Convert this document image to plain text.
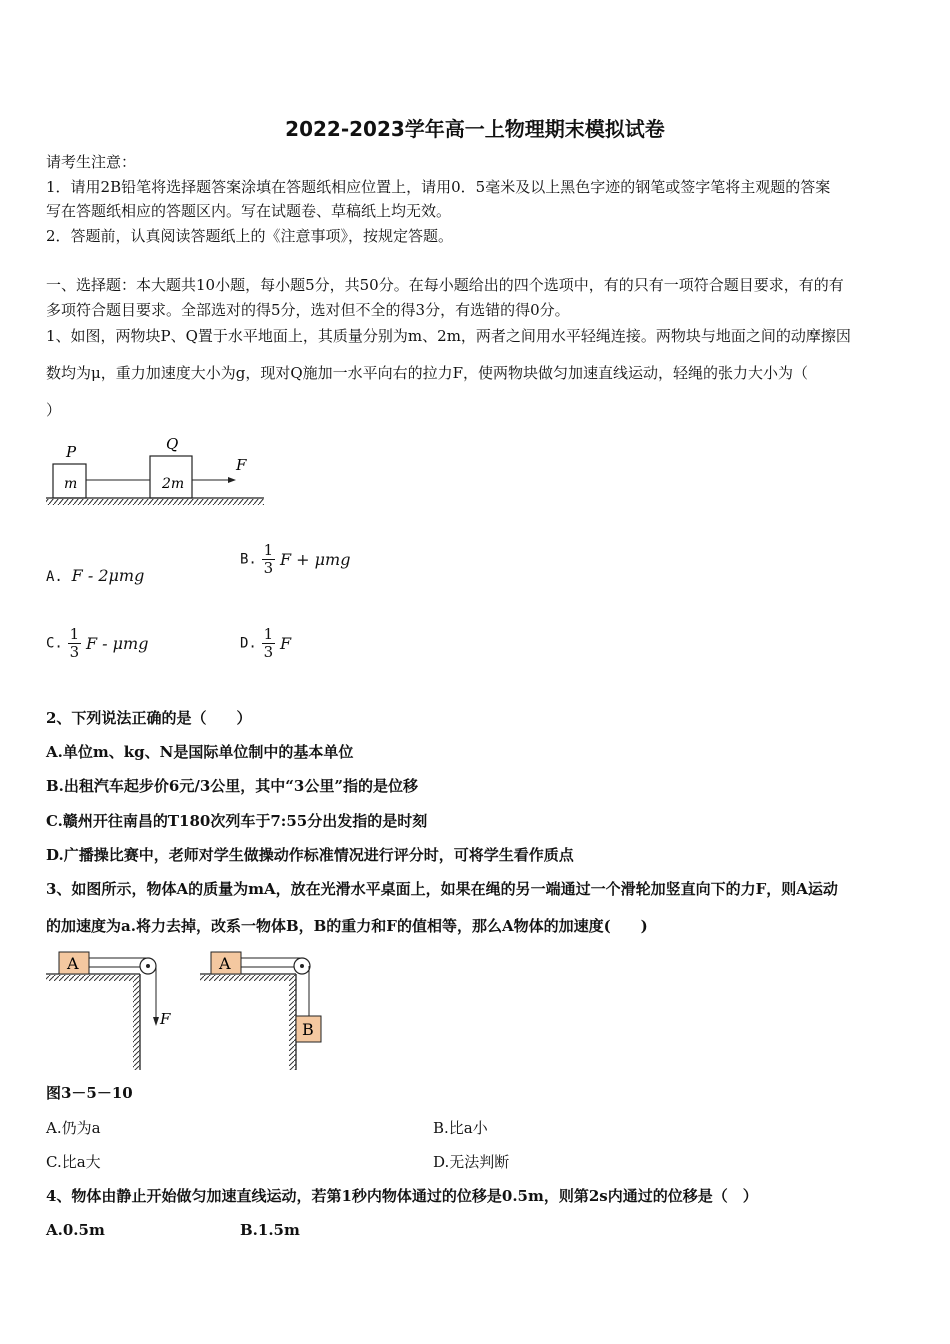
2022-2023学年高一上物理期末模拟试卷
请考生注意：
1．请用2B铅笔将选择题答案涂填在答题纸相应位置上，请用0．5毫米及以上黑色字迹的钢笔或签字笔将主观题的答案
写在答题纸相应的答题区内。写在试题卷、草稿纸上均无效。
2．答题前，认真阅读答题纸上的《注意事项》，按规定答题。
一、选择题：本大题共10小题，每小题5分，共50分。在每小题给出的四个选项中，有的只有一项符合题目要求，有的有
多项符合题目要求。全部选对的得5分，选对但不全的得3分，有选错的得0分。
1、如图，两物块P、Q置于水平地面上，其质量分别为m、2m，两者之间用水平轻绳连接。两物块与地面之间的动摩擦因
数均为μ，重力加速度大小为g，现对Q施加一水平向右的拉力F，使两物块做匀加速直线运动，轻绳的张力大小为（
）
P	Q
m	2m
F
A. F - 2μmg
B. $\frac{1}{3}$ F + μmg
C. $\frac{1}{3}$ F - μmg	D. $\frac{1}{3}$ F
2、下列说法正确的是（　　）
A.单位m、kg、N是国际单位制中的基本单位
B.出租汽车起步价6元/3公里，其中“3公里”指的是位移
C.赣州开往南昌的T180次列车于7:55分出发指的是时刻
D.广播操比赛中，老师对学生做操动作标准情况进行评分时，可将学生看作质点
3、如图所示，物体A的质量为mA，放在光滑水平桌面上，如果在绳的另一端通过一个滑轮加竖直向下的力F，则A运动
的加速度为a.将力去掉，改系一物体B，B的重力和F的值相等，那么A物体的加速度(　　)
A
F
A
B
图3－5－10
A.仍为a	B.比a小
C.比a大	D.无法判断
4、物体由静止开始做匀加速直线运动，若第1秒内物体通过的位移是0.5m，则第2s内通过的位移是（　）
A.0.5m	B.1.5m
